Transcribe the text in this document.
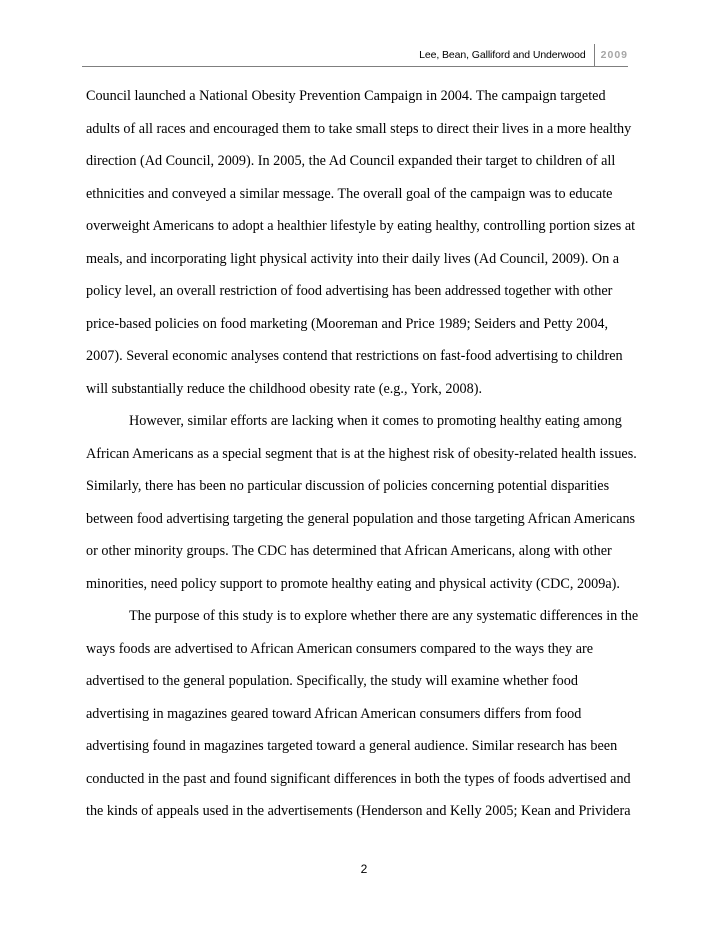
Lee, Bean, Galliford and Underwood	2009
Council launched a National Obesity Prevention Campaign in 2004. The campaign targeted
adults of all races and encouraged them to take small steps to direct their lives in a more healthy
direction (Ad Council, 2009). In 2005, the Ad Council expanded their target to children of all
ethnicities and conveyed a similar message. The overall goal of the campaign was to educate
overweight Americans to adopt a healthier lifestyle by eating healthy, controlling portion sizes at
meals, and incorporating light physical activity into their daily lives (Ad Council, 2009). On a
policy level, an overall restriction of food advertising has been addressed together with other
price-based policies on food marketing (Mooreman and Price 1989; Seiders and Petty 2004,
2007). Several economic analyses contend that restrictions on fast-food advertising to children
will substantially reduce the childhood obesity rate (e.g., York, 2008).
However, similar efforts are lacking when it comes to promoting healthy eating among
African Americans as a special segment that is at the highest risk of obesity-related health issues.
Similarly, there has been no particular discussion of policies concerning potential disparities
between food advertising targeting the general population and those targeting African Americans
or other minority groups. The CDC has determined that African Americans, along with other
minorities, need policy support to promote healthy eating and physical activity (CDC, 2009a).
The purpose of this study is to explore whether there are any systematic differences in the
ways foods are advertised to African American consumers compared to the ways they are
advertised to the general population. Specifically, the study will examine whether food
advertising in magazines geared toward African American consumers differs from food
advertising found in magazines targeted toward a general audience. Similar research has been
conducted in the past and found significant differences in both the types of foods advertised and
the kinds of appeals used in the advertisements (Henderson and Kelly 2005; Kean and Prividera
2
